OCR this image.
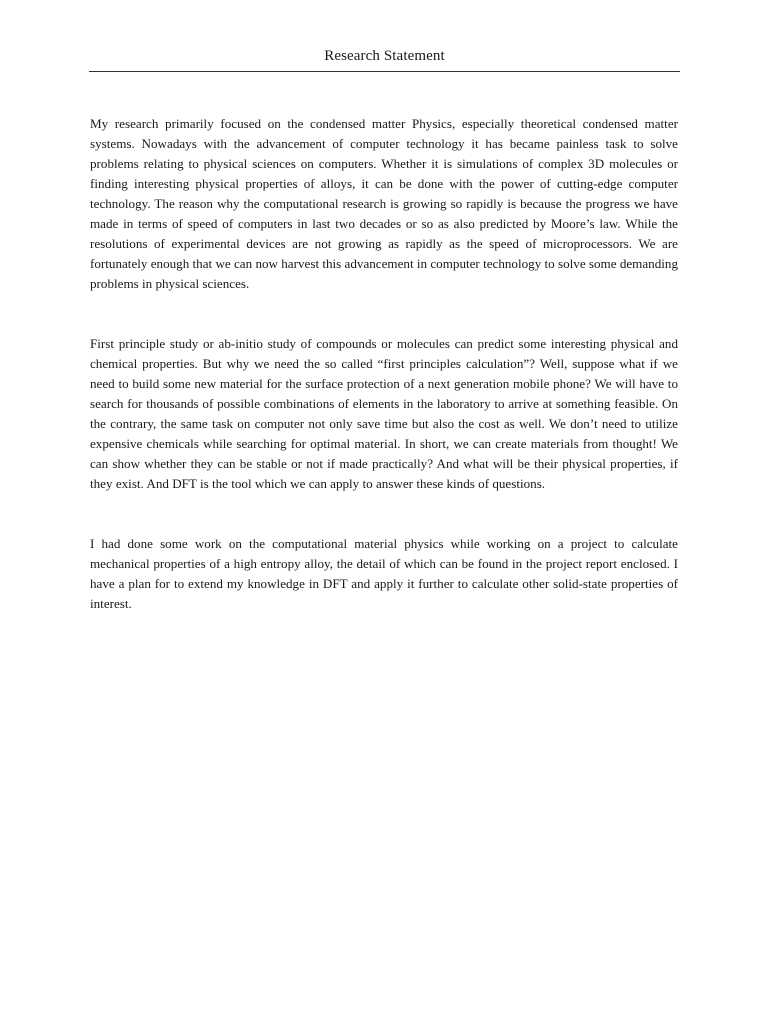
Research Statement

My research primarily focused on the condensed matter Physics, especially theoretical condensed matter systems. Nowadays with the advancement of computer technology it has became painless task to solve problems relating to physical sciences on computers. Whether it is simulations of complex 3D molecules or finding interesting physical properties of alloys, it can be done with the power of cutting-edge computer technology. The reason why the computational research is growing so rapidly is because the progress we have made in terms of speed of computers in last two decades or so as also predicted by Moore’s law. While the resolutions of experimental devices are not growing as rapidly as the speed of microprocessors. We are fortunately enough that we can now harvest this advancement in computer technology to solve some demanding problems in physical sciences.

First principle study or ab-initio study of compounds or molecules can predict some interesting physical and chemical properties. But why we need the so called “first principles calculation”? Well, suppose what if we need to build some new material for the surface protection of a next generation mobile phone? We will have to search for thousands of possible combinations of elements in the laboratory to arrive at something feasible. On the contrary, the same task on computer not only save time but also the cost as well. We don’t need to utilize expensive chemicals while searching for optimal material. In short, we can create materials from thought! We can show whether they can be stable or not if made practically? And what will be their physical properties, if they exist. And DFT is the tool which we can apply to answer these kinds of questions.

I had done some work on the computational material physics while working on a project to calculate mechanical properties of a high entropy alloy, the detail of which can be found in the project report enclosed. I have a plan for to extend my knowledge in DFT and apply it further to calculate other solid-state properties of interest.
